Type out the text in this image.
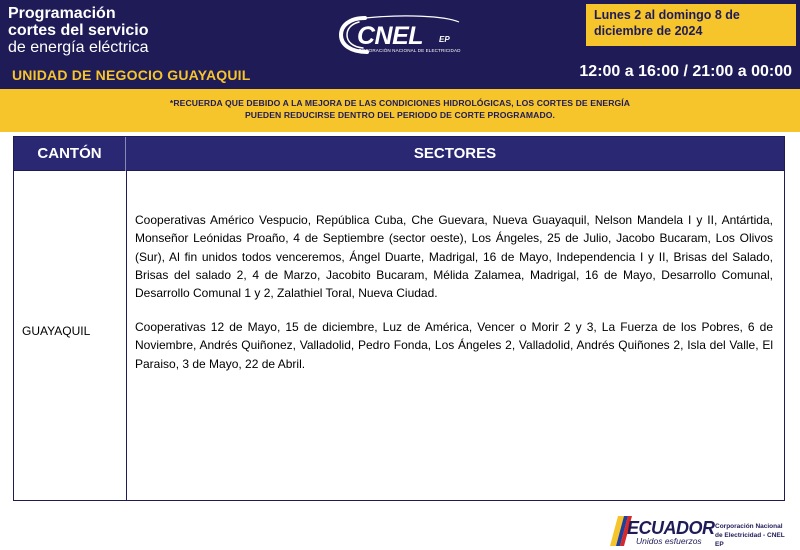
Programación
cortes del servicio
de energía eléctrica
UNIDAD DE NEGOCIO GUAYAQUIL
CNEL EP
CORPORACIÓN NACIONAL DE ELECTRICIDAD
Lunes 2 al domingo 8 de
diciembre de 2024
12:00 a 16:00 / 21:00 a 00:00
*RECUERDA QUE DEBIDO A LA MEJORA DE LAS CONDICIONES HIDROLÓGICAS, LOS CORTES DE ENERGÍA
PUEDEN REDUCIRSE DENTRO DEL PERIODO DE CORTE PROGRAMADO.
CANTÓN	SECTORES
GUAYAQUIL

Cooperativas Américo Vespucio, República Cuba, Che Guevara, Nueva Guayaquil, Nelson Mandela I y II, Antártida, Monseñor Leónidas Proaño, 4 de Septiembre (sector oeste), Los Ángeles, 25 de Julio, Jacobo Bucaram, Los Olivos (Sur), Al fin unidos todos venceremos, Ángel Duarte, Madrigal, 16 de Mayo, Independencia I y II, Brisas del Salado, Brisas del salado 2, 4 de Marzo, Jacobito Bucaram, Mélida Zalamea, Madrigal, 16 de Mayo, Desarrollo Comunal, Desarrollo Comunal 1 y 2, Zalathiel Toral, Nueva Ciudad.

Cooperativas 12 de Mayo, 15 de diciembre, Luz de América, Vencer o Morir 2 y 3, La Fuerza de los Pobres, 6 de Noviembre, Andrés Quiñonez, Valladolid, Pedro Fonda, Los Ángeles 2, Valladolid, Andrés Quiñones 2, Isla del Valle, El Paraiso, 3 de Mayo, 22 de Abril.

ECUADOR
Unidos esfuerzos
Corporación Nacional
de Electricidad - CNEL EP
